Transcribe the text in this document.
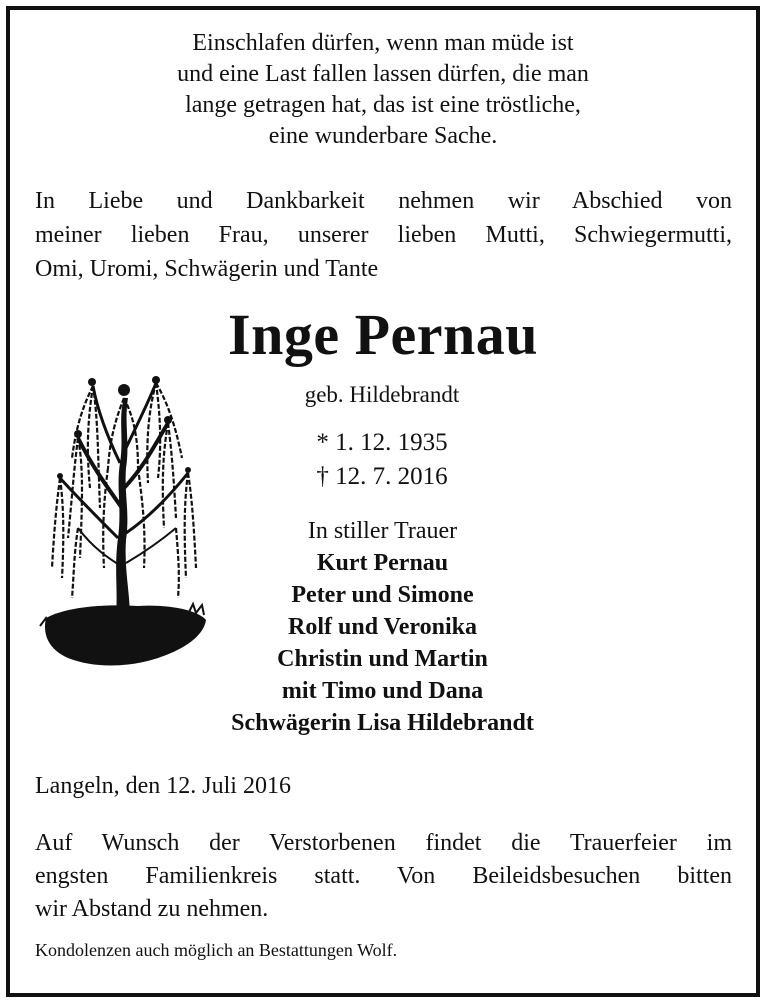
Einschlafen dürfen, wenn man müde ist
und eine Last fallen lassen dürfen, die man
lange getragen hat, das ist eine tröstliche,
eine wunderbare Sache.
In Liebe und Dankbarkeit nehmen wir Abschied von
meiner lieben Frau, unserer lieben Mutti, Schwiegermutti,
Omi, Uromi, Schwägerin und Tante
Inge Pernau
geb. Hildebrandt
* 1. 12. 1935
† 12. 7. 2016
In stiller Trauer
Kurt Pernau
Peter und Simone
Rolf und Veronika
Christin und Martin
mit Timo und Dana
Schwägerin Lisa Hildebrandt
Langeln, den 12. Juli 2016
Auf Wunsch der Verstorbenen findet die Trauerfeier im
engsten Familienkreis statt. Von Beileidsbesuchen bitten
wir Abstand zu nehmen.
Kondolenzen auch möglich an Bestattungen Wolf.
